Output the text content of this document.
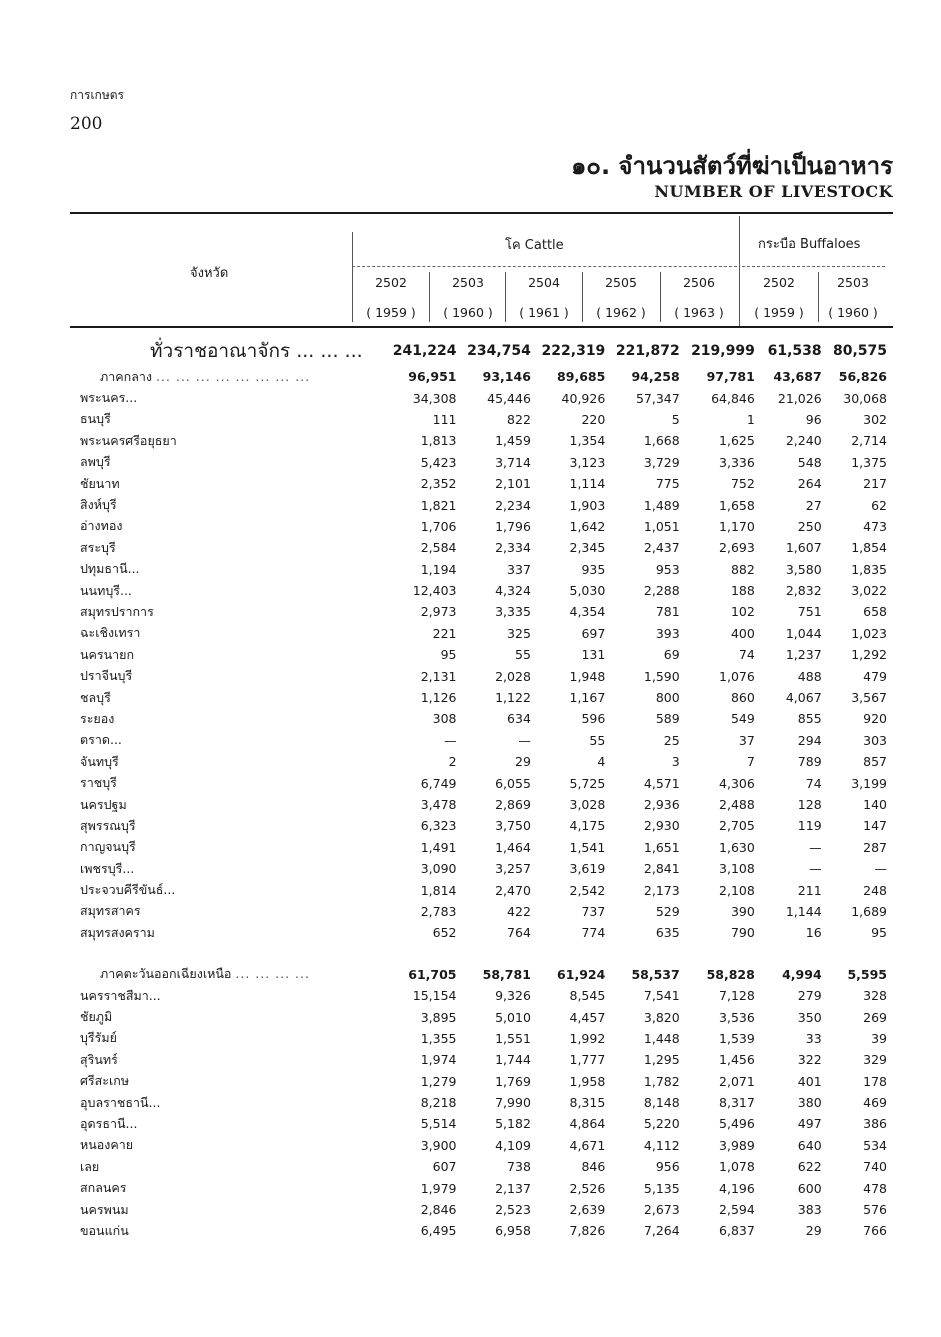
การเกษตร
200
๑๐. จำนวนสัตว์ที่ฆ่าเป็นอาหาร
NUMBER OF LIVESTOCK
จังหวัด
โค Cattle	กระบือ Buffaloes
2502	2503	2504	2505	2506	2502	2503
( 1959 )	( 1960 )	( 1961 )	( 1962 )	( 1963 )	( 1959 )	( 1960 )
ทั่วราชอาณาจักร ... ... ...	241,224	234,754	222,319	221,872	219,999	61,538	80,575
ภาคกลาง ... ... ... ... ... ... ... ...	96,951	93,146	89,685	94,258	97,781	43,687	56,826
พระนคร...	34,308	45,446	40,926	57,347	64,846	21,026	30,068
ธนบุรี	111	822	220	5	1	96	302
พระนครศรีอยุธยา	1,813	1,459	1,354	1,668	1,625	2,240	2,714
ลพบุรี	5,423	3,714	3,123	3,729	3,336	548	1,375
ชัยนาท	2,352	2,101	1,114	775	752	264	217
สิงห์บุรี	1,821	2,234	1,903	1,489	1,658	27	62
อ่างทอง	1,706	1,796	1,642	1,051	1,170	250	473
สระบุรี	2,584	2,334	2,345	2,437	2,693	1,607	1,854
ปทุมธานี...	1,194	337	935	953	882	3,580	1,835
นนทบุรี...	12,403	4,324	5,030	2,288	188	2,832	3,022
สมุทรปราการ	2,973	3,335	4,354	781	102	751	658
ฉะเชิงเทรา	221	325	697	393	400	1,044	1,023
นครนายก	95	55	131	69	74	1,237	1,292
ปราจีนบุรี	2,131	2,028	1,948	1,590	1,076	488	479
ชลบุรี	1,126	1,122	1,167	800	860	4,067	3,567
ระยอง	308	634	596	589	549	855	920
ตราด...	—	—	55	25	37	294	303
จันทบุรี	2	29	4	3	7	789	857
ราชบุรี	6,749	6,055	5,725	4,571	4,306	74	3,199
นครปฐม	3,478	2,869	3,028	2,936	2,488	128	140
สุพรรณบุรี	6,323	3,750	4,175	2,930	2,705	119	147
กาญจนบุรี	1,491	1,464	1,541	1,651	1,630	—	287
เพชรบุรี...	3,090	3,257	3,619	2,841	3,108	—	—
ประจวบคีรีขันธ์...	1,814	2,470	2,542	2,173	2,108	211	248
สมุทรสาคร	2,783	422	737	529	390	1,144	1,689
สมุทรสงคราม	652	764	774	635	790	16	95

ภาคตะวันออกเฉียงเหนือ ... ... ... ...	61,705	58,781	61,924	58,537	58,828	4,994	5,595
นครราชสีมา...	15,154	9,326	8,545	7,541	7,128	279	328
ชัยภูมิ	3,895	5,010	4,457	3,820	3,536	350	269
บุรีรัมย์	1,355	1,551	1,992	1,448	1,539	33	39
สุรินทร์	1,974	1,744	1,777	1,295	1,456	322	329
ศรีสะเกษ	1,279	1,769	1,958	1,782	2,071	401	178
อุบลราชธานี...	8,218	7,990	8,315	8,148	8,317	380	469
อุดรธานี...	5,514	5,182	4,864	5,220	5,496	497	386
หนองคาย	3,900	4,109	4,671	4,112	3,989	640	534
เลย	607	738	846	956	1,078	622	740
สกลนคร	1,979	2,137	2,526	5,135	4,196	600	478
นครพนม	2,846	2,523	2,639	2,673	2,594	383	576
ขอนแก่น	6,495	6,958	7,826	7,264	6,837	29	766
